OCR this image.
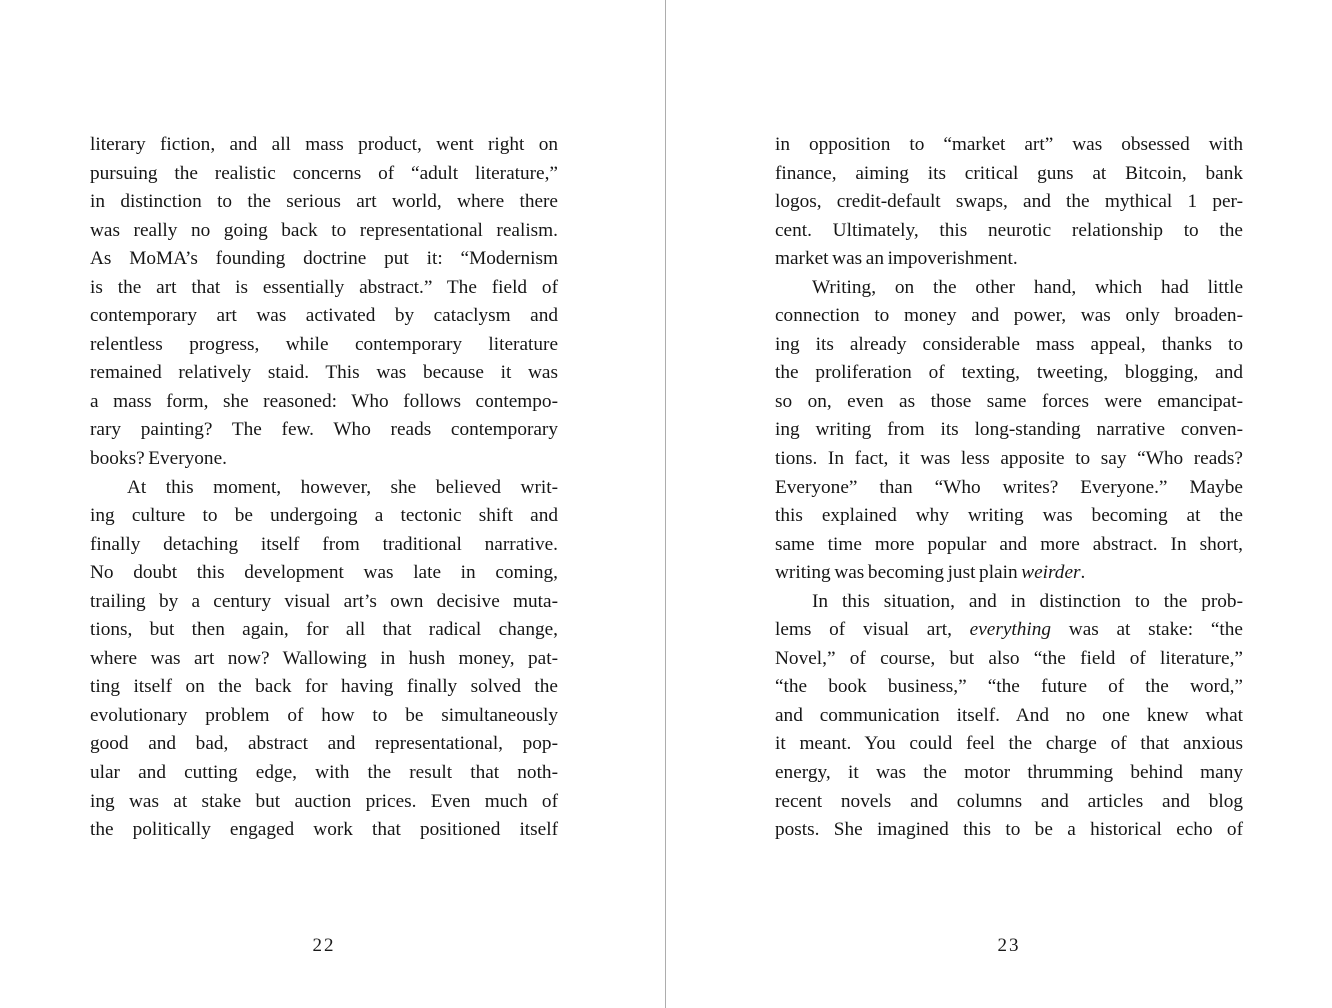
literary fiction, and all mass product, went right on
pursuing the realistic concerns of “adult literature,”
in distinction to the serious art world, where there
was really no going back to representational realism.
As MoMA’s founding doctrine put it: “Modernism
is the art that is essentially abstract.” The field of
contemporary art was activated by cataclysm and
relentless progress, while contemporary literature
remained relatively staid. This was because it was
a mass form, she reasoned: Who follows contempo-
rary painting? The few. Who reads contemporary
books? Everyone.
At this moment, however, she believed writ-
ing culture to be undergoing a tectonic shift and
finally detaching itself from traditional narrative.
No doubt this development was late in coming,
trailing by a century visual art’s own decisive muta-
tions, but then again, for all that radical change,
where was art now? Wallowing in hush money, pat-
ting itself on the back for having finally solved the
evolutionary problem of how to be simultaneously
good and bad, abstract and representational, pop-
ular and cutting edge, with the result that noth-
ing was at stake but auction prices. Even much of
the politically engaged work that positioned itself
in opposition to “market art” was obsessed with
finance, aiming its critical guns at Bitcoin, bank
logos, credit-default swaps, and the mythical 1 per-
cent. Ultimately, this neurotic relationship to the
market was an impoverishment.
Writing, on the other hand, which had little
connection to money and power, was only broaden-
ing its already considerable mass appeal, thanks to
the proliferation of texting, tweeting, blogging, and
so on, even as those same forces were emancipat-
ing writing from its long-standing narrative conven-
tions. In fact, it was less apposite to say “Who reads?
Everyone” than “Who writes? Everyone.” Maybe
this explained why writing was becoming at the
same time more popular and more abstract. In short,
writing was becoming just plain weirder.
In this situation, and in distinction to the prob-
lems of visual art, everything was at stake: “the
Novel,” of course, but also “the field of literature,”
“the book business,” “the future of the word,”
and communication itself. And no one knew what
it meant. You could feel the charge of that anxious
energy, it was the motor thrumming behind many
recent novels and columns and articles and blog
posts. She imagined this to be a historical echo of
22	23
